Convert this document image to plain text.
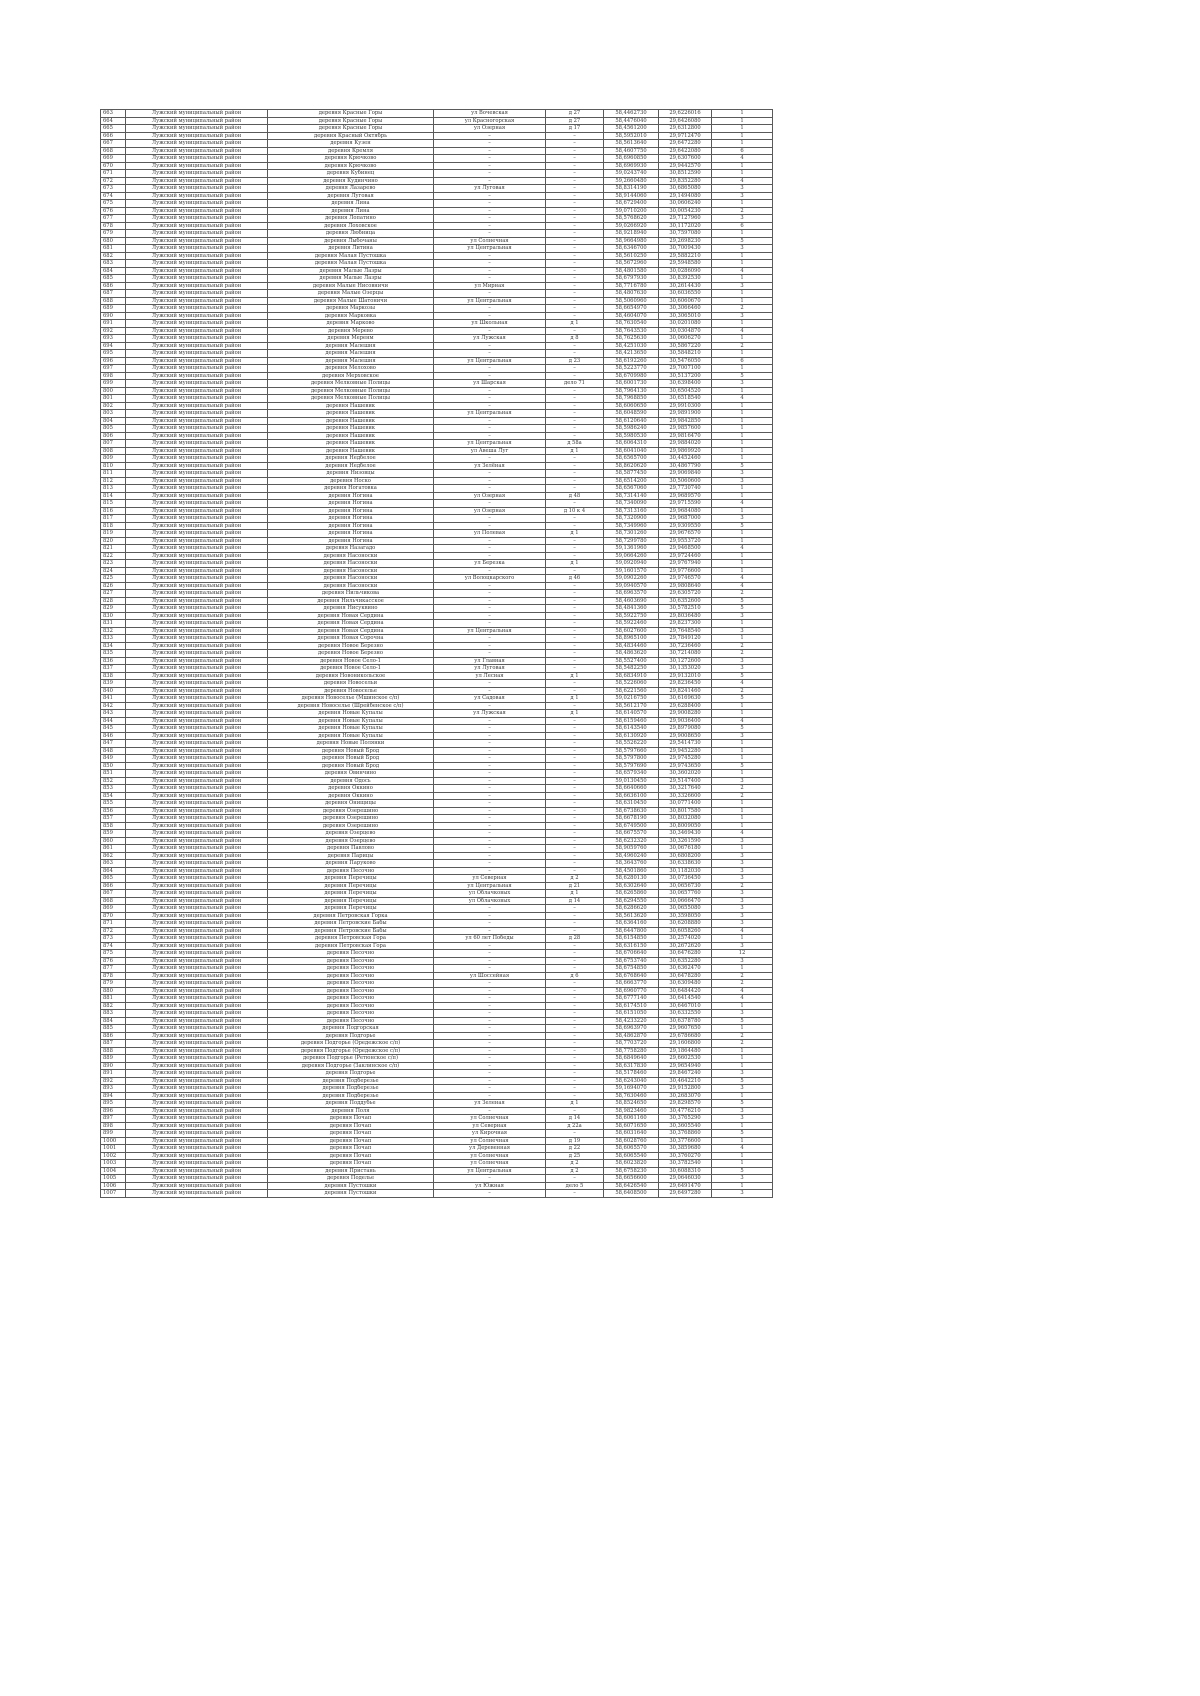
663	Лужский муниципальный район	деревня Красные Горы	ул Вочевская	д 27	58,4462730	29,6226016	1
664	Лужский муниципальный район	деревня Красные Горы	ул Красногорская	д 27	58,4476040	29,6426080	1
665	Лужский муниципальный район	деревня Красные Горы	ул Озерная	д 17	58,4561200	29,6312800	1
666	Лужский муниципальный район	деревня Красный Октябрь	–	–	58,5952010	29,9712470	1
667	Лужский муниципальный район	деревня Кузен	–	–	58,5613640	29,6472280	1
668	Лужский муниципальный район	деревня Кремля	–	–	58,4607750	29,6422080	6
669	Лужский муниципальный район	деревня Крючково	–	–	58,6960850	29,6307600	4
670	Лужский муниципальный район	деревня Крючково	–	–	58,6969930	29,9442570	1
671	Лужский муниципальный район	деревня Кубинец	–	–	59,0243740	30,8512590	1
672	Лужский муниципальный район	деревня Кудинчино	–	–	59,2660480	29,8352280	4
673	Лужский муниципальный район	деревня Лазарево	ул Луговая	–	58,8314190	30,6865080	3
674	Лужский муниципальный район	деревня Луговая	–	–	58,9144060	29,1494080	3
675	Лужский муниципальный район	деревня Лина	–	–	58,6729400	30,0606240	1
676	Лужский муниципальный район	деревня Лина	–	–	59,0710200	30,0054230	2
677	Лужский муниципальный район	деревня Лопатино	–	–	58,5768620	29,7127960	3
678	Лужский муниципальный район	деревня Лоховское	–	–	59,0266920	30,1172020	6
679	Лужский муниципальный район	деревня Любница	–	–	58,9218940	30,7597080	1
680	Лужский муниципальный район	деревня Лыбочаны	ул Солнечная	–	58,9664980	29,2698230	5
681	Лужский муниципальный район	деревня Литина	ул Центральная	–	58,6346700	30,7009430	3
682	Лужский муниципальный район	деревня Малая Пустошка	–	–	58,5610250	29,5882210	1
683	Лужский муниципальный район	деревня Малая Пустошка	–	–	58,5672960	29,5948580	1
684	Лужский муниципальный район	деревня Малые Лазры	–	–	58,4801580	30,0286090	4
685	Лужский муниципальный район	деревня Малые Лазры	–	–	58,6797930	30,8392530	1
686	Лужский муниципальный район	деревня Малые Нисовничи	ул Мирная	–	58,7716780	30,2614430	3
687	Лужский муниципальный район	деревня Малые Озерцы	–	–	58,4807630	30,6036550	1
688	Лужский муниципальный район	деревня Малые Шатоничи	ул Центральная	–	58,5060960	30,6060670	1
689	Лужский муниципальный район	деревня Маркозы	–	–	58,6654970	30,3066460	2
690	Лужский муниципальный район	деревня Марковка	–	–	58,4604070	30,3065010	3
691	Лужский муниципальный район	деревня Марково	ул Школьная	д 1	58,7630540	30,0201080	1
692	Лужский муниципальный район	деревня Мерево	–	–	58,7643530	30,0304870	4
693	Лужский муниципальный район	деревня Меренм	ул Лужская	д 8	58,7625630	30,0606270	1
694	Лужский муниципальный район	деревня Малешня	–	–	58,4251030	30,5867220	2
695	Лужский муниципальный район	деревня Малешня	–	–	58,4213650	30,5848210	1
696	Лужский муниципальный район	деревня Малешня	ул Центральная	д 23	58,6192260	30,5476050	6
697	Лужский муниципальный район	деревня Мелохово	–	–	58,5223770	29,7007100	1
698	Лужский муниципальный район	деревня Мерховское	–	–	58,6709980	30,5137200	5
699	Лужский муниципальный район	деревня Мелковные Полицы	ул Шарская	дело 71	58,6001730	30,6398400	3
800	Лужский муниципальный район	деревня Мелковные Полицы	–	–	58,7964130	30,6504520	1
801	Лужский муниципальный район	деревня Мелковные Полицы	–	–	58,7968850	30,6518540	4
802	Лужский муниципальный район	деревня Нашевик	–	–	58,6060650	29,9910300	1
803	Лужский муниципальный район	деревня Нашевик	ул Центральная	–	58,6048590	29,9891900	1
804	Лужский муниципальный район	деревня Нашевик	–	–	58,6120640	29,9842850	1
805	Лужский муниципальный район	деревня Нашевик	–	–	58,5986240	29,9857600	1
806	Лужский муниципальный район	деревня Нашевик	–	–	58,5980530	29,9816470	1
807	Лужский муниципальный район	деревня Нашевик	ул Центральная	д 58а	58,6064310	29,9884020	1
808	Лужский муниципальный район	деревня Нашевик	ул Авеша Луг	д 1	58,6041040	29,9869920	1
809	Лужский муниципальный район	деревня Недбелое	–	–	58,6565700	30,4452460	1
810	Лужский муниципальный район	деревня Недбелое	ул Зелёная	–	58,8620620	30,4867790	5
811	Лужский муниципальный район	деревня Низовцы	–	–	58,5877450	29,9069840	3
812	Лужский муниципальный район	деревня Носко	–	–	58,6514200	30,5060600	3
813	Лужский муниципальный район	деревня Ногатовка	–	–	58,6567060	29,7730740	1
814	Лужский муниципальный район	деревня Ногина	ул Озерная	д 48	58,7314140	29,9689570	1
815	Лужский муниципальный район	деревня Ногина	–	–	58,7340090	29,9715590	4
816	Лужский муниципальный район	деревня Ногина	ул Озерная	д 10 к 4	58,7313160	29,9684080	1
817	Лужский муниципальный район	деревня Ногина	–	–	58,7320900	29,9687000	3
818	Лужский муниципальный район	деревня Ногина	–	–	58,7349960	29,9309550	5
819	Лужский муниципальный район	деревня Ногина	ул Полевая	д 1	58,7301260	29,9676570	1
820	Лужский муниципальный район	деревня Ногина	–	–	58,7299780	29,9553720	1
821	Лужский муниципальный район	деревня Назагадо	–	–	59,1361960	29,9468500	4
822	Лужский муниципальный район	деревня Насоноски	–	–	59,0664260	29,9724460	1
823	Лужский муниципальный район	деревня Насоноски	ул Березка	д 1	59,0920940	29,9767940	1
824	Лужский муниципальный район	деревня Насоноски	–	–	59,1601570	29,9776600	1
825	Лужский муниципальный район	деревня Насоноски	ул Волоцкарского	д 46	59,0902260	29,9746570	4
826	Лужский муниципальный район	деревня Насоноски	–	–	59,0940570	29,9808640	4
827	Лужский муниципальный район	деревня Нильчикова	–	–	58,6963570	29,6305720	2
828	Лужский муниципальный район	деревня Нильчикасское	–	–	58,4603690	30,6352600	5
829	Лужский муниципальный район	деревня Нисуквино	–	–	58,4841360	30,5782510	5
830	Лужский муниципальный район	деревня Новая Сердина	–	–	58,5922750	29,8036480	3
831	Лужский муниципальный район	деревня Новая Сердина	–	–	58,5922460	29,8237300	1
832	Лужский муниципальный район	деревня Новая Сердина	ул Центральная	–	58,6027600	29,7648540	3
833	Лужский муниципальный район	деревня Новая Сорочна	–	–	58,8965100	29,7849120	1
834	Лужский муниципальный район	деревня Новое Березно	–	–	58,4834460	30,7236460	2
835	Лужский муниципальный район	деревня Новое Березно	–	–	58,4863620	30,7214080	2
836	Лужский муниципальный район	деревня Новое Село-1	ул Главная	–	58,5527400	30,1272600	3
837	Лужский муниципальный район	деревня Новое Село-1	ул Луговая	–	58,5482250	30,1353020	3
838	Лужский муниципальный район	деревня Новоникольское	ул Лесная	д 1	58,6834910	29,9132010	5
839	Лужский муниципальный район	деревня Новосельи	–	–	58,5226060	29,8236450	4
840	Лужский муниципальный район	деревня Новоселье	–	–	58,6221560	29,8241460	2
841	Лужский муниципальный район	деревня Новоселье (Мшинское с/п)	ул Садовая	д 1	59,0216750	30,6169630	5
842	Лужский муниципальный район	деревня Новоселье (Шрейбенское с/п)	–	–	58,5612170	29,6288400	1
843	Лужский муниципальный район	деревня Новые Купалы	ул Лужская	д 1	58,6140570	29,9008280	1
844	Лужский муниципальный район	деревня Новые Купалы	–	–	58,6159460	29,9036400	4
845	Лужский муниципальный район	деревня Новые Купалы	–	–	58,6143540	29,8979080	5
846	Лужский муниципальный район	деревня Новые Купалы	–	–	58,6130920	29,9008650	3
847	Лужский муниципальный район	деревня Новые Полянки	–	–	58,5526220	29,5414730	1
848	Лужский муниципальный район	деревня Новый Брод	–	–	58,5797660	29,9452280	1
849	Лужский муниципальный район	деревня Новый Брод	–	–	58,5797800	29,9745280	1
850	Лужский муниципальный район	деревня Новый Брод	–	–	58,5797690	29,9743650	5
851	Лужский муниципальный район	деревня Овинчино	–	–	58,6579340	30,3602020	1
852	Лужский муниципальный район	деревня Одось	–	–	59,0130450	29,5147400	3
853	Лужский муниципальный район	деревня Оккино	–	–	58,6640660	30,3217640	2
854	Лужский муниципальный район	деревня Оккино	–	–	58,6636100	30,3326600	2
855	Лужский муниципальный район	деревня Онищицы	–	–	58,6310450	30,0771400	1
856	Лужский муниципальный район	деревня Озерешино	–	–	58,6738630	30,8017580	1
857	Лужский муниципальный район	деревня Озерешино	–	–	58,6678190	30,8032080	1
858	Лужский муниципальный район	деревня Озерешино	–	–	58,6749500	30,8009050	1
859	Лужский муниципальный район	деревня Озерцево	–	–	58,6675570	30,3469430	4
860	Лужский муниципальный район	деревня Озерцево	–	–	58,6232320	30,3261590	3
861	Лужский муниципальный район	деревня Павлово	–	–	58,9059760	30,0676180	1
862	Лужский муниципальный район	деревня Парицы	–	–	58,4960240	30,6808200	3
863	Лужский муниципальный район	деревня Паруково	–	–	58,3643760	30,6338630	3
864	Лужский муниципальный район	деревня Песочно	–	–	58,4501860	30,1182030	3
865	Лужский муниципальный район	деревня Перечицы	ул Северная	д 2	58,6280130	30,0736450	3
866	Лужский муниципальный район	деревня Перечицы	ул Центральная	д 21	58,6302640	30,0656730	2
867	Лужский муниципальный район	деревня Перечицы	ул Облачковых	д 1	58,6265860	30,0657760	3
868	Лужский муниципальный район	деревня Перечицы	ул Облачковых	д 14	58,6294550	30,0666470	3
869	Лужский муниципальный район	деревня Перечицы	–	–	58,6286620	30,0655080	3
870	Лужский муниципальный район	деревня Петровская Горка	–	–	58,5613620	30,3598050	3
871	Лужский муниципальный район	деревня Петровские Бабы	–	–	58,6364160	30,6208880	3
872	Лужский муниципальный район	деревня Петровские Бабы	–	–	58,6447800	30,6058260	4
873	Лужский муниципальный район	деревня Петровская Гора	ул 60 лет Победы	д 28	58,6154850	30,2574020	1
874	Лужский муниципальный район	деревня Петровская Гора	–	–	58,6316150	30,2672620	3
875	Лужский муниципальный район	деревня Песочно	–	–	58,6706640	30,6476280	12
876	Лужский муниципальный район	деревня Песочно	–	–	58,6753740	30,6352280	3
877	Лужский муниципальный район	деревня Песочно	–	–	58,6754850	30,6362470	1
878	Лужский муниципальный район	деревня Песочно	ул Шоссейная	д 6	58,6768640	30,6478280	2
879	Лужский муниципальный район	деревня Песочно	–	–	58,6663770	30,6309480	2
880	Лужский муниципальный район	деревня Песочно	–	–	58,6960770	30,6484420	4
881	Лужский муниципальный район	деревня Песочно	–	–	58,6777140	30,6414540	4
882	Лужский муниципальный район	деревня Песочно	–	–	58,6174510	30,6467010	1
883	Лужский муниципальный район	деревня Песочно	–	–	58,6151050	30,6332550	3
884	Лужский муниципальный район	деревня Песочно	–	–	58,4233220	30,6378780	5
885	Лужский муниципальный район	деревня Подгорская	–	–	58,6963970	29,9607650	1
886	Лужский муниципальный район	деревня Подгорье	–	–	58,4862870	29,6786680	2
887	Лужский муниципальный район	деревня Подгорье (Оредежское с/п)	–	–	58,7703720	29,1606800	2
888	Лужский муниципальный район	деревня Подгорье (Оредежское с/п)	–	–	58,7758280	29,1864480	1
889	Лужский муниципальный район	деревня Подгорье (Ретюнское с/п)	–	–	58,6849640	29,6602530	1
890	Лужский муниципальный район	деревня Подгорье (Заклинское с/п)	–	–	58,6317830	29,9654940	1
891	Лужский муниципальный район	деревня Подгорье	–	–	58,5178460	29,8467240	3
892	Лужский муниципальный район	деревня Подберезье	–	–	58,6243040	30,4642210	5
893	Лужский муниципальный район	деревня Подберезье	–	–	59,1694070	29,9152800	3
894	Лужский муниципальный район	деревня Подберезье	–	–	58,7630460	30,2683070	1
895	Лужский муниципальный район	деревня Поддубье	ул Зеленая	д 1	58,8524650	29,8298570	5
896	Лужский муниципальный район	деревня Поля	–	–	58,9823460	30,4776210	3
897	Лужский муниципальный район	деревня Почап	ул Солнечная	д 14	58,6061160	30,3765290	3
898	Лужский муниципальный район	деревня Почап	ул Северная	д 22а	58,6071650	30,3605540	1
899	Лужский муниципальный район	деревня Почап	ул Кирочная	–	58,6031640	30,3768860	5
1000	Лужский муниципальный район	деревня Почап	ул Солнечная	д 19	58,6028760	30,3776600	1
1001	Лужский муниципальный район	деревня Почап	ул Деревенная	д 22	58,6065570	30,3859680	4
1002	Лужский муниципальный район	деревня Почап	ул Солнечная	д 25	58,6065540	30,3760270	1
1003	Лужский муниципальный район	деревня Почап	ул Солнечная	д 2	58,6023820	30,3782540	1
1004	Лужский муниципальный район	деревня Пристань	ул Центральная	д 2	58,6758230	30,6088310	5
1005	Лужский муниципальный район	деревня Поделье	–	–	58,6656600	29,0646030	3
1006	Лужский муниципальный район	деревня Пустошки	ул Южная	дело 5	58,6426540	29,6491470	1
1007	Лужский муниципальный район	деревня Пустошки	–	–	58,6408500	29,6497280	3
